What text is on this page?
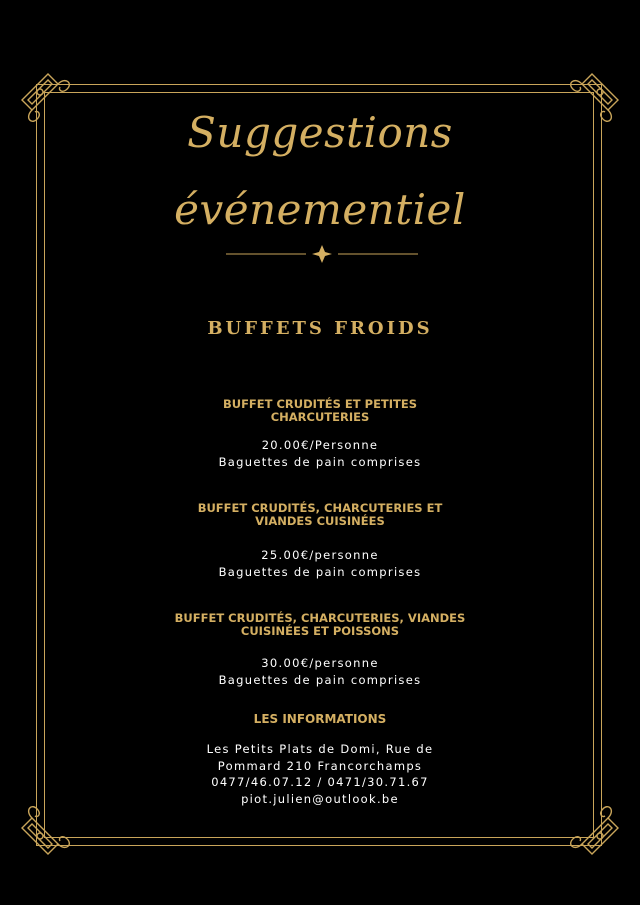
Suggestions
événementiel
BUFFETS FROIDS
BUFFET CRUDITÉS ET PETITES
CHARCUTERIES
20.00€/Personne
Baguettes de pain comprises
BUFFET CRUDITÉS, CHARCUTERIES ET
VIANDES CUISINÉES
25.00€/personne
Baguettes de pain comprises
BUFFET CRUDITÉS, CHARCUTERIES, VIANDES
CUISINÉES ET POISSONS
30.00€/personne
Baguettes de pain comprises
LES INFORMATIONS
Les Petits Plats de Domi, Rue de
Pommard 210 Francorchamps
0477/46.07.12 / 0471/30.71.67
piot.julien@outlook.be
